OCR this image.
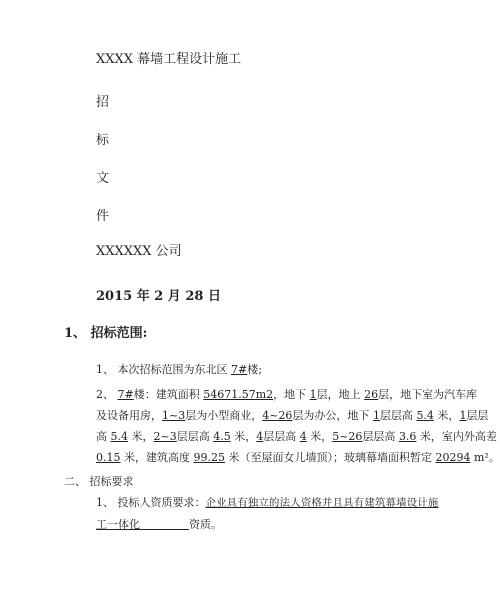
XXXX 幕墙工程设计施工
招
标
文
件
XXXXXX 公司
2015 年 2 月 28 日
1、 招标范围:
1、 本次招标范围为东北区 7#楼;
2、 7#楼：建筑面积 54671.57m2，地下 1层，地上 26层，地下室为汽车库
及设备用房，1~3层为小型商业，4~26层为办公，地下 1层层高 5.4 米，1层层
高 5.4 米，2~3层层高 4.5 米，4层层高 4 米，5~26层层高 3.6 米，室内外高差
0.15 米，建筑高度 99.25 米（至屋面女儿墙顶）；玻璃幕墙面积暂定 20294 m²。
二、 招标要求
1、 投标人资质要求：企业具有独立的法人资格并且具有建筑幕墙设计施
工一体化	资质。
